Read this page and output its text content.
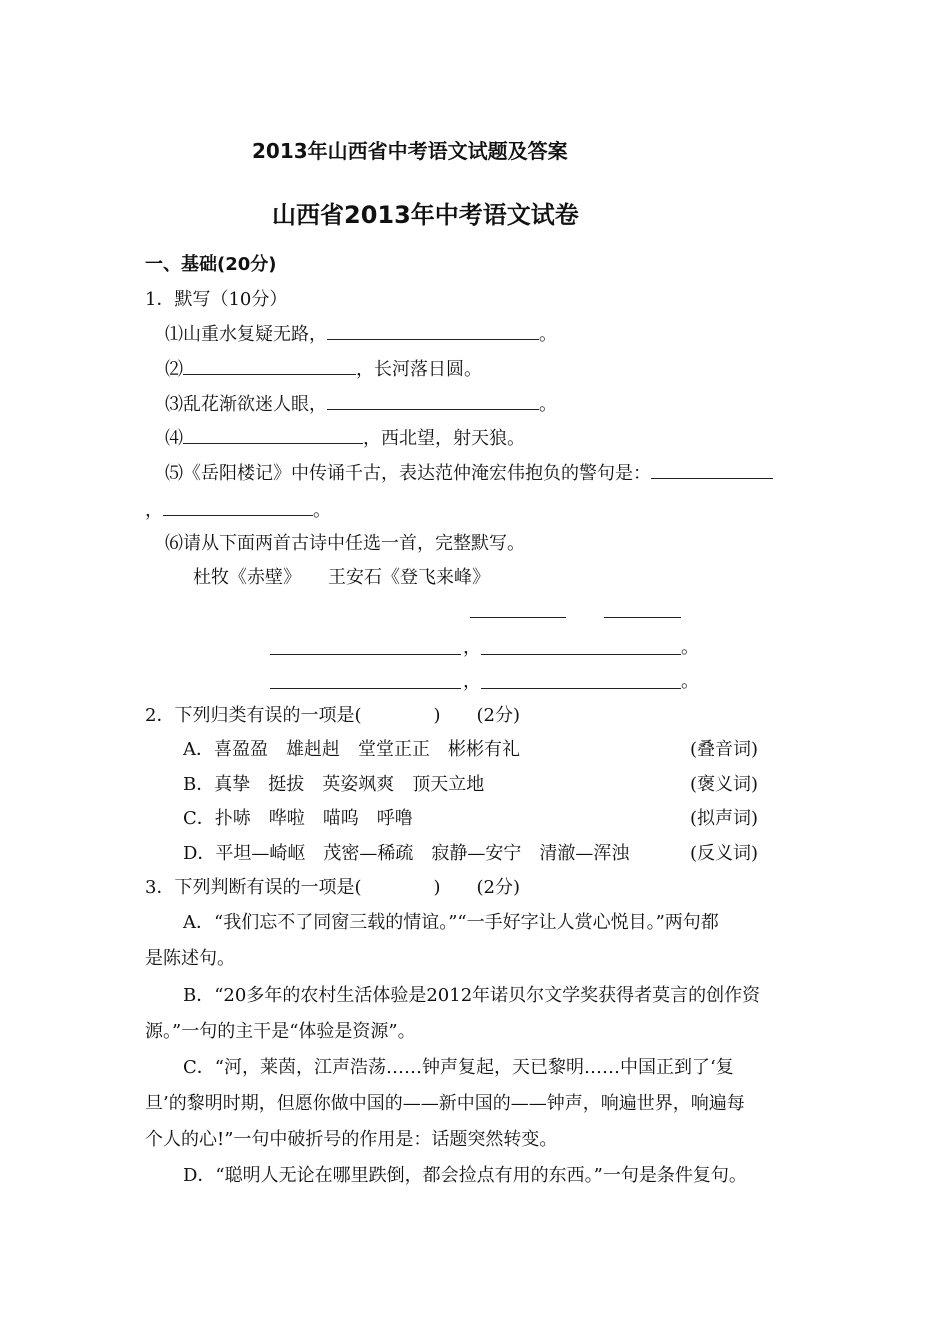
2013年山西省中考语文试题及答案
山西省2013年中考语文试卷
一、基础(20分)
1．默写（10分）
⑴山重水复疑无路，	。
⑵	，长河落日圆。
⑶乱花渐欲迷人眼，	。
⑷	，西北望，射天狼。
⑸《岳阳楼记》中传诵千古，表达范仲淹宏伟抱负的警句是：
，	。
⑹请从下面两首古诗中任选一首，完整默写。
杜牧《赤壁》　　王安石《登飞来峰》
，	。
，	。
2．下列归类有误的一项是(　　　　)　　(2分)
A．喜盈盈　雄赳赳　堂堂正正　彬彬有礼	(叠音词)
B．真挚　挺拔　英姿飒爽　顶天立地	(褒义词)
C．扑哧　哗啦　喵呜　呼噜	(拟声词)
D．平坦—崎岖　茂密—稀疏　寂静—安宁　清澈—浑浊	(反义词)
3．下列判断有误的一项是(　　　　)　　(2分)
A．“我们忘不了同窗三载的情谊。”“一手好字让人赏心悦目。”两句都
是陈述句。
B．“20多年的农村生活体验是2012年诺贝尔文学奖获得者莫言的创作资
源。”一句的主干是“体验是资源”。
C．“河，莱茵，江声浩荡……钟声复起，天已黎明……中国正到了‘复
旦’的黎明时期，但愿你做中国的——新中国的——钟声，响遍世界，响遍每
个人的心!”一句中破折号的作用是：话题突然转变。
D．“聪明人无论在哪里跌倒，都会捡点有用的东西。”一句是条件复句。
